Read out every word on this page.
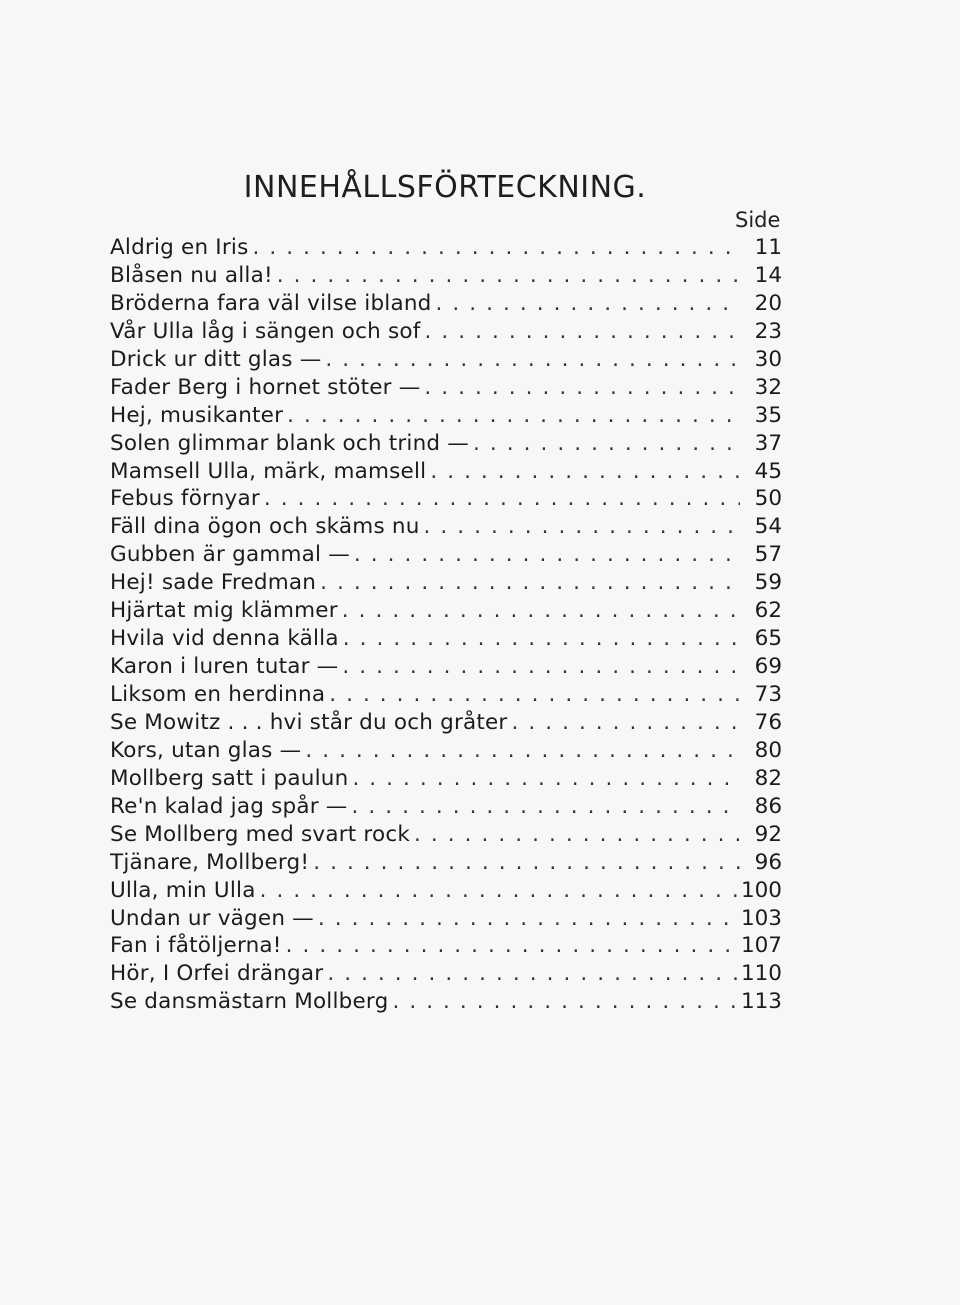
INNEHÅLLSFÖRTECKNING.
Side
Aldrig en Iris . . .	11
Blåsen nu alla! . . .	14
Bröderna fara väl vilse ibland . . .	20
Vår Ulla låg i sängen och sof . . .	23
Drick ur ditt glas — . . .	30
Fader Berg i hornet stöter — . . .	32
Hej, musikanter . . .	35
Solen glimmar blank och trind — . . .	37
Mamsell Ulla, märk, mamsell . . .	45
Febus förnyar . . .	50
Fäll dina ögon och skäms nu . . .	54
Gubben är gammal — . . .	57
Hej! sade Fredman . . .	59
Hjärtat mig klämmer . . .	62
Hvila vid denna källa . . .	65
Karon i luren tutar — . . .	69
Liksom en herdinna . . .	73
Se Mowitz . . . hvi står du och gråter . . .	76
Kors, utan glas — . . .	80
Mollberg satt i paulun . . .	82
Re'n kalad jag spår — . . .	86
Se Mollberg med svart rock . . .	92
Tjänare, Mollberg! . . .	96
Ulla, min Ulla . . .	100
Undan ur vägen — . . .	103
Fan i fåtöljerna! . . .	107
Hör, I Orfei drängar . . .	110
Se dansmästarn Mollberg . . .	113
